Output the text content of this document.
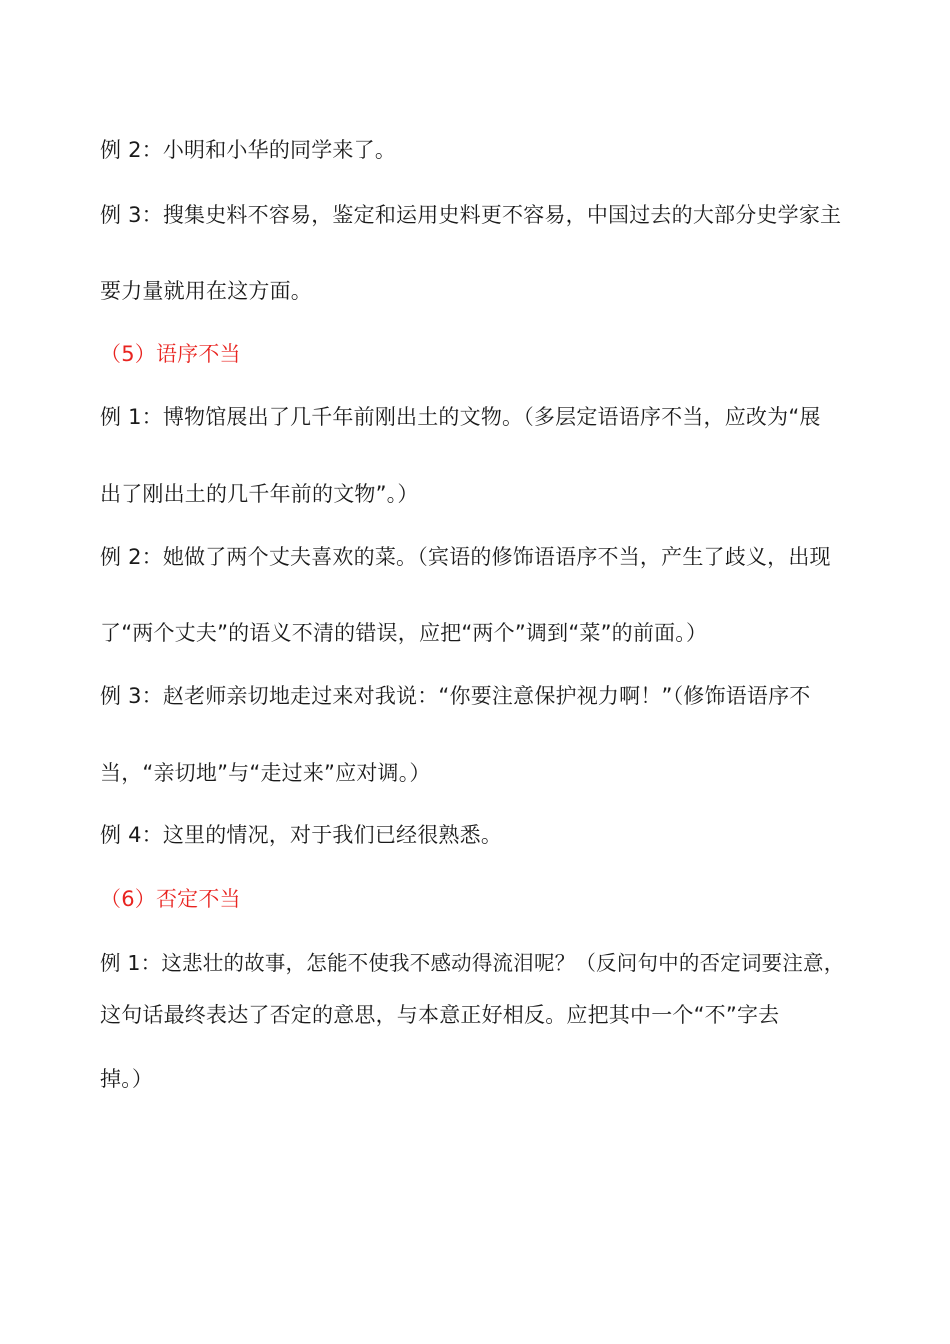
例 2：小明和小华的同学来了。
例 3：搜集史料不容易，鉴定和运用史料更不容易，中国过去的大部分史学家主
要力量就用在这方面。
（5）语序不当
例 1：博物馆展出了几千年前刚出土的文物。（多层定语语序不当，应改为“展
出了刚出土的几千年前的文物”。）
例 2：她做了两个丈夫喜欢的菜。（宾语的修饰语语序不当，产生了歧义，出现
了“两个丈夫”的语义不清的错误，应把“两个”调到“菜”的前面。）
例 3：赵老师亲切地走过来对我说：“你要注意保护视力啊！”（修饰语语序不
当，“亲切地”与“走过来”应对调。）
例 4：这里的情况，对于我们已经很熟悉。
（6）否定不当
例 1：这悲壮的故事，怎能不使我不感动得流泪呢？（反问句中的否定词要注意，
这句话最终表达了否定的意思，与本意正好相反。应把其中一个“不”字去
掉。）
